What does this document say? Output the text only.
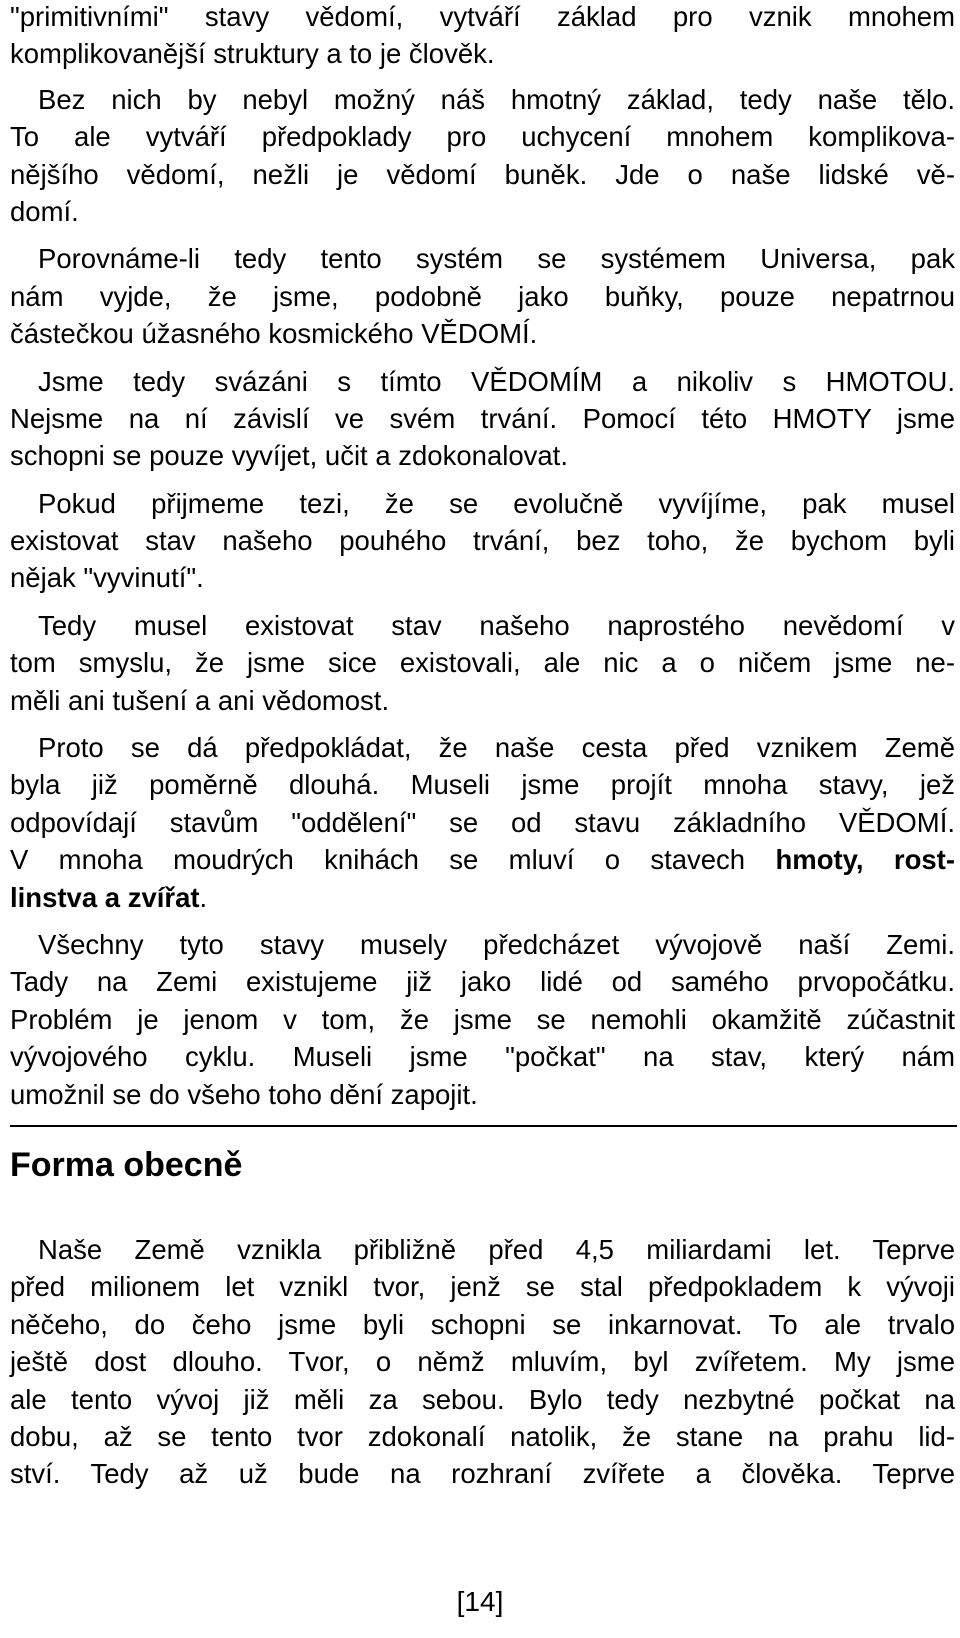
"primitivními" stavy vědomí, vytváří základ pro vznik mnohem
komplikovanější struktury a to je člověk.

Bez nich by nebyl možný náš hmotný základ, tedy naše tělo.
To ale vytváří předpoklady pro uchycení mnohem komplikova-
nějšího vědomí, nežli je vědomí buněk. Jde o naše lidské vě-
domí.

Porovnáme-li tedy tento systém se systémem Universa, pak
nám vyjde, že jsme, podobně jako buňky, pouze nepatrnou
částečkou úžasného kosmického VĚDOMÍ.

Jsme tedy svázáni s tímto VĚDOMÍM a nikoliv s HMOTOU.
Nejsme na ní závislí ve svém trvání. Pomocí této HMOTY jsme
schopni se pouze vyvíjet, učit a zdokonalovat.

Pokud přijmeme tezi, že se evolučně vyvíjíme, pak musel
existovat stav našeho pouhého trvání, bez toho, že bychom byli
nějak "vyvinutí".

Tedy musel existovat stav našeho naprostého nevědomí v
tom smyslu, že jsme sice existovali, ale nic a o ničem jsme ne-
měli ani tušení a ani vědomost.

Proto se dá předpokládat, že naše cesta před vznikem Země
byla již poměrně dlouhá. Museli jsme projít mnoha stavy, jež
odpovídají stavům "oddělení" se od stavu základního VĚDOMÍ.
V mnoha moudrých knihách se mluví o stavech hmoty, rost-
linstva a zvířat.

Všechny tyto stavy musely předcházet vývojově naší Zemi.
Tady na Zemi existujeme již jako lidé od samého prvopočátku.
Problém je jenom v tom, že jsme se nemohli okamžitě zúčastnit
vývojového cyklu. Museli jsme "počkat" na stav, který nám
umožnil se do všeho toho dění zapojit.

Forma obecně

Naše Země vznikla přibližně před 4,5 miliardami let. Teprve
před milionem let vznikl tvor, jenž se stal předpokladem k vývoji
něčeho, do čeho jsme byli schopni se inkarnovat. To ale trvalo
ještě dost dlouho. Tvor, o němž mluvím, byl zvířetem. My jsme
ale tento vývoj již měli za sebou. Bylo tedy nezbytné počkat na
dobu, až se tento tvor zdokonalí natolik, že stane na prahu lid-
ství. Tedy až už bude na rozhraní zvířete a člověka. Teprve

[14]
